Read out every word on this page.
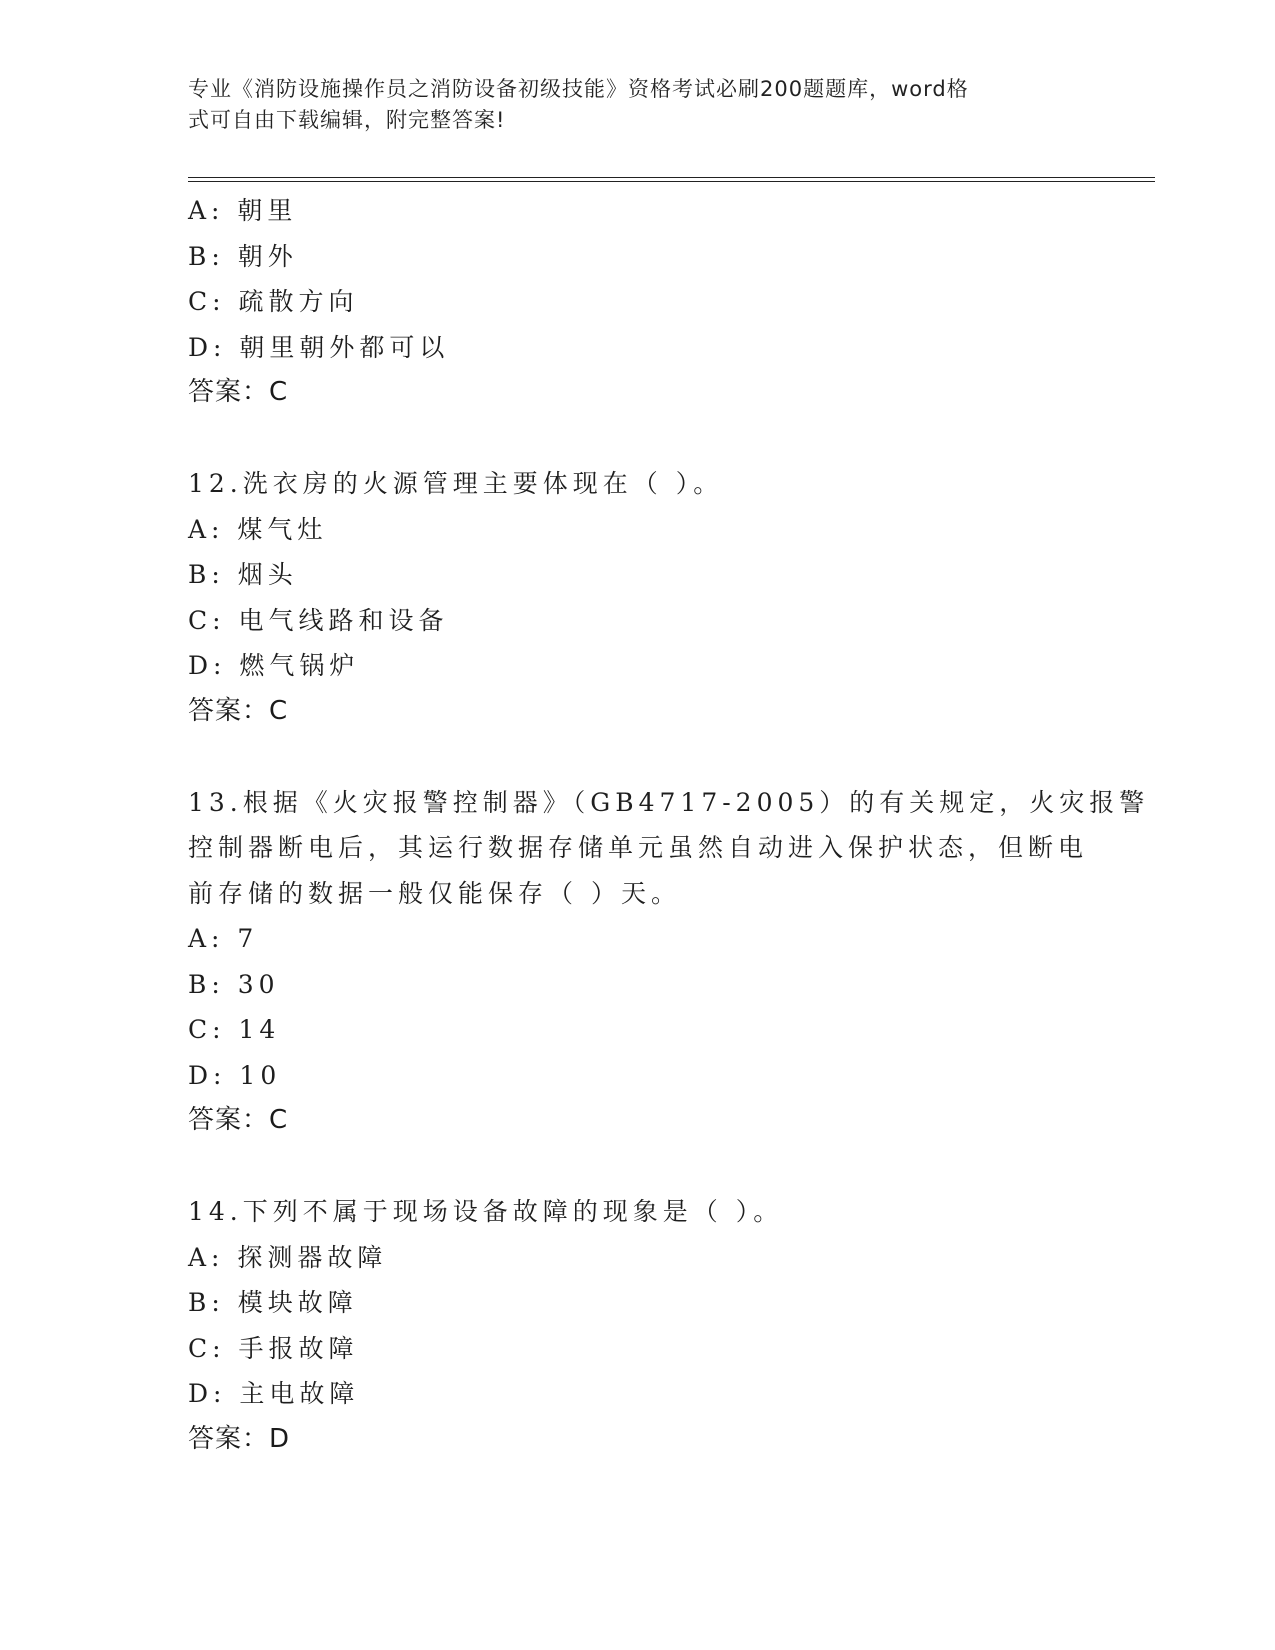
专业《消防设施操作员之消防设备初级技能》资格考试必刷200题题库，word格
式可自由下载编辑，附完整答案!
A: 朝里
B: 朝外
C: 疏散方向
D: 朝里朝外都可以
答案：C
12.洗衣房的火源管理主要体现在（ ）。
A: 煤气灶
B: 烟头
C: 电气线路和设备
D: 燃气锅炉
答案：C
13.根据《火灾报警控制器》（GB4717-2005）的有关规定，火灾报警
控制器断电后，其运行数据存储单元虽然自动进入保护状态，但断电
前存储的数据一般仅能保存（ ）天。
A: 7
B: 30
C: 14
D: 10
答案：C
14.下列不属于现场设备故障的现象是（ ）。
A: 探测器故障
B: 模块故障
C: 手报故障
D: 主电故障
答案：D
